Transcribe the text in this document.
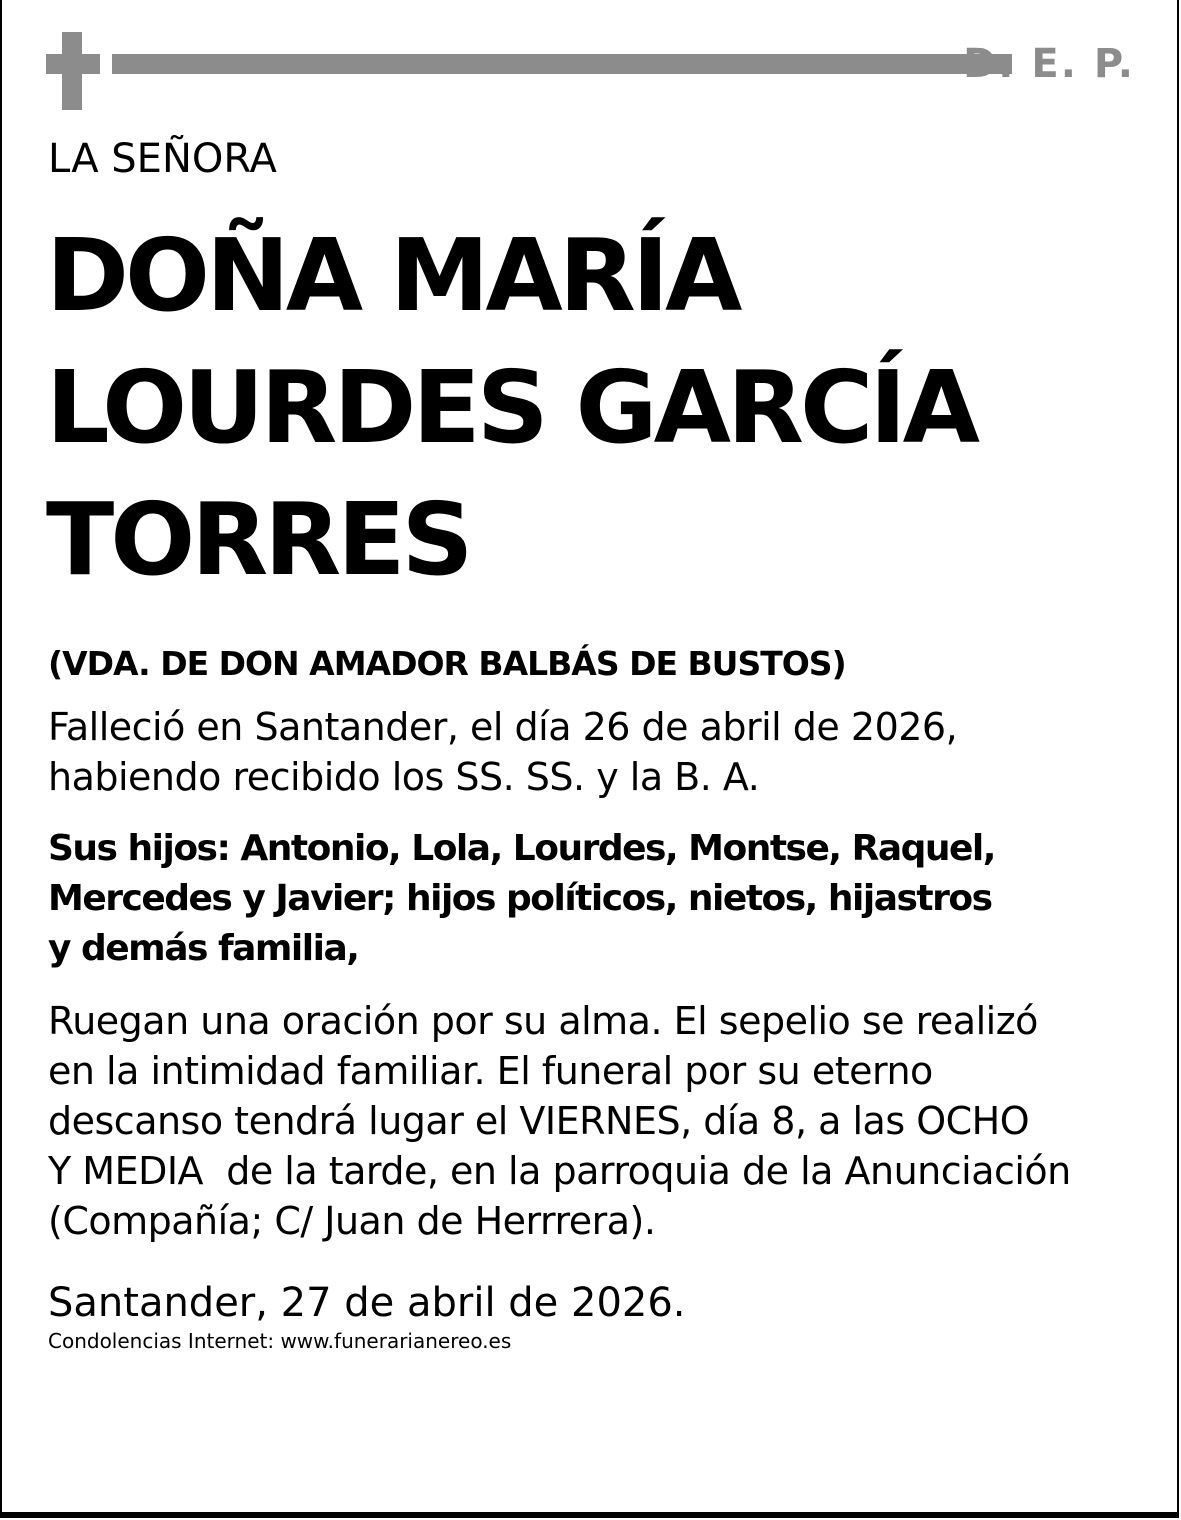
D. E. P.
LA SEÑORA
DOÑA MARÍA
LOURDES GARCÍA
TORRES
(VDA. DE DON AMADOR BALBÁS DE BUSTOS)
Falleció en Santander, el día 26 de abril de 2026,
habiendo recibido los SS. SS. y la B. A.
Sus hijos: Antonio, Lola, Lourdes, Montse, Raquel,
Mercedes y Javier; hijos políticos, nietos, hijastros
y demás familia,
Ruegan una oración por su alma. El sepelio se realizó
en la intimidad familiar. El funeral por su eterno
descanso tendrá lugar el VIERNES, día 8, a las OCHO
Y MEDIA  de la tarde, en la parroquia de la Anunciación
(Compañía; C/ Juan de Herrrera).
Santander, 27 de abril de 2026.
Condolencias Internet: www.funerarianereo.es
